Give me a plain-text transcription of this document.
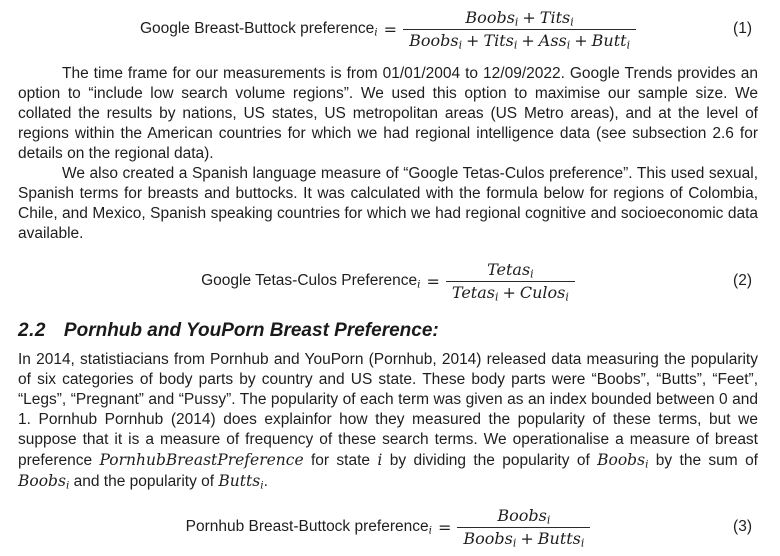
Google Breast-Buttock preference$_i$ = $\frac{Boobs_i + Tits_i}{Boobs_i + Tits_i + Ass_i + Butt_i}$	(1)

The time frame for our measurements is from 01/01/2004 to 12/09/2022. Google Trends provides an option to “include low search volume regions”. We used this option to maximise our sample size. We collated the results by nations, US states, US metropolitan areas (US Metro areas), and at the level of regions within the American countries for which we had regional intelligence data (see subsection 2.6 for details on the regional data).

We also created a Spanish language measure of “Google Tetas-Culos preference”. This used sexual, Spanish terms for breasts and buttocks. It was calculated with the formula below for regions of Colombia, Chile, and Mexico, Spanish speaking countries for which we had regional cognitive and socioeconomic data available.

Google Tetas-Culos Preference$_i$ = $\frac{Tetas_i}{Tetas_i + Culos_i}$	(2)
2.2 Pornhub and YouPorn Breast Preference:

In 2014, statistiacians from Pornhub and YouPorn (Pornhub, 2014) released data measuring the popularity of six categories of body parts by country and US state. These body parts were “Boobs”, “Butts”, “Feet”, “Legs”, “Pregnant” and “Pussy”. The popularity of each term was given as an index bounded between 0 and 1. Pornhub Pornhub (2014) does explainfor how they measured the popularity of these terms, but we suppose that it is a measure of frequency of these search terms. We operationalise a measure of breast preference PornhubBreastPreference for state i by dividing the popularity of Boobs$_i$ by the sum of Boobs$_i$ and the popularity of Butts$_i$.

Pornhub Breast-Buttock preference$_i$ = $\frac{Boobs_i}{Boobs_i + Butts_i}$	(3)
